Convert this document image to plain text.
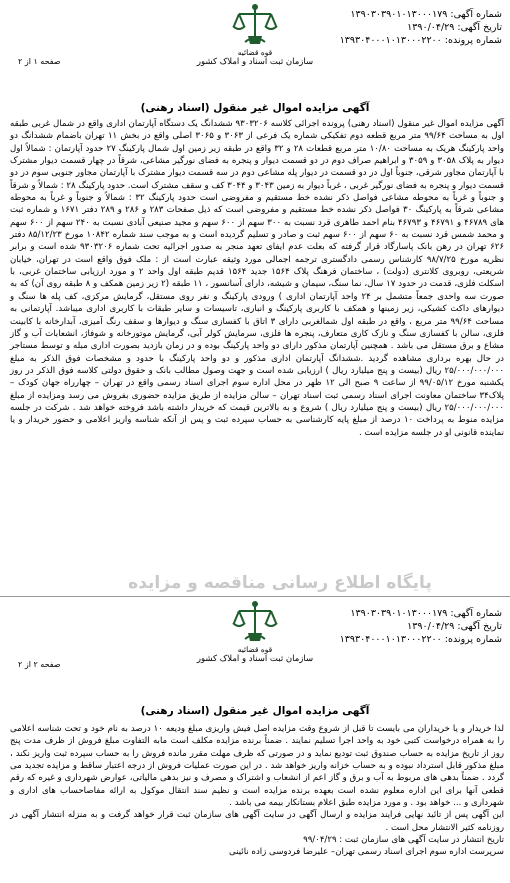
شماره آگهی: ۱۳۹۰۳۰۳۹۰۱۰۱۳۰۰۰۱۷۹
تاریخ آگهی: ۱۳۹۰/۰۴/۲۹
شماره پرونده: ۱۳۹۳۰۴۰۰۰۱۰۱۳۰۰۰۲۲۰۰
قوه قضائیه
سازمان ثبت اسناد و املاک کشور
صفحه ۱ از ۲
آگهی مزایده اموال غیر منقول (اسناد رهنی)
آگهی مزایده اموال غیر منقول (اسناد رهنی) پرونده اجرائی کلاسه ۹۳۰۳۲۰۶ ششدانگ یک دستگاه آپارتمان اداری واقع در شمال غربی طبقه اول به مساحت ۹۹/۶۴ متر مربع قطعه دوم تفکیکی شماره یک فرعی از ۳۰۶۳ و ۳۰۶۵ اصلی واقع در بخش ۱۱ تهران باضمام ششدانگ دو واحد پارکینگ هریک به مساحت ۱۰/۸۰ متر مربع قطعات ۲۸ و ۳۲ واقع در طبقه زیر زمین اول شمال پارکینگ ۲۷ حدود آپارتمان : شمالاً اول دیوار به پلاک ۳۰۵۸ و ۳۰۵۹ و ابراهیم صراف دوم در دو قسمت دیوار و پنجره به فضای نورگیر مشاعی، شرقاً در چهار قسمت دیوار مشترک با آپارتمان مجاور شرقی، جنوباً اول در دو قسمت در دیوار پله مشاعی دوم در سه قسمت دیوار مشترک با آپارتمان مجاور جنوبی سوم در دو قسمت دیوار و پنجره به فضای نورگیر غربی ، غرباً دیوار به زمین ۳۰۴۳ و ۳۰۴۴ کف و سقف مشترک است. حدود پارکینگ ۲۸ : شمالاً و شرقاً و جنوباً و غرباً به محوطه مشاعی فواصل ذکر نشده خط مستقیم و مفروضی است حدود پارکینگ ۳۲ : شمالاً و جنوباً و غرباً به محوطه مشاعی شرقاً به پارکینگ ۳۰ فواصل ذکر نشده خط مستقیم و مفروضی است که ذیل صفحات ۲۸۳ و ۲۸۶ و ۲۸۹ دفتر ۱۶۷۱ و شماره ثبت های ۴۶۷۸۹ و ۴۶۷۹۱ و ۴۶۷۹۳ بنام احمد طاهری قرد نسبت به ۳۰۰ سهم از ۶۰۰ سهم و مجید صنیعی آبادی نسبت به ۲۴۰ سهم از ۶۰۰ سهم و محمد شمس قرد نسبت به ۶۰ سهم از ۶۰۰ سهم ثبت و صادر و تسلیم گردیده است و به موجب سند شماره ۱۰۸۴۲ مورخ ۸۵/۱۲/۲۳ دفتر ۶۲۶ تهران در رهن بانک پاسارگاد قرار گرفته که بعلت عدم ایفای تعهد منجر به صدور اجرائیه تحت شماره ۹۳۰۳۲۰۶ شده است و برابر نظریه مورخ ۹۸/۷/۲۵ کارشناس رسمی دادگستری ترجمه اجمالی مورد وثیقه عبارت است از : ملک فوق واقع است در تهران، خیابان شریعتی، روبروی کلانتری (دولت) ، ساختمان فرهنگ پلاک ۱۵۶۴ جدید ۱۵۶۴ قدیم طبقه اول واحد ۲ و مورد ارزیابی ساختمان غربی، با اسکلت فلزی، قدمت در حدود ۱۷ سال، نما سنگ، سیمان و شیشه، دارای آسانسور ، ۱۱ طبقه (۲ زیر زمین همکف و ۸ طبقه روی آن) که به صورت سه واحدی جمعاً متشمل بر ۲۴ واحد آپارتمان اداری ) ورودی پارکینگ و نفر روی مستقل، گرمایش مرکزی، کف پله ها سنگ و دیوارهای داکت کشیکی، زیر زمینها و همکف با کاربری پارکینگ و انباری، تاسیسات و سایر طبقات با کاربری اداری میباشد. آپارتمانی به مساحت ۹۹/۶۴ متر مربع ، واقع در طبقه اول شمالغربی دارای ۳ اتاق با کفسازی سنگ و دیوارها و سقف رنگ آمیزی، آبدارخانه با کابینت فلزی، سالن با کفسازی سنگ و نازک کاری متعارف، پنجره ها فلزی، سرمایش کولر آبی، گرمایش موتورخانه و شوفاژ، انشعابات آب و گاز مشاع و برق مستقل می باشد . همچنین آپارتمان مذکور دارای دو واحد پارکینگ بوده و در زمان بازدید بصورت اداری مبله و توسط مستاجر در حال بهره برداری مشاهده گردید .ششدانگ آپارتمان اداری مذکور و دو واحد پارکینگ با حدود و مشخصات فوق الذکر به مبلغ ۲۵/۰۰۰/۰۰۰/۰۰۰ ریال (بیست و پنج میلیارد ریال ) ارزیابی شده است و جهت وصول مطالب بانک و حقوق دولتی کلاسه فوق الذکر در روز یکشنبه مورخ ۹۹/۰۵/۱۲ از ساعت ۹ صبح الی ۱۲ ظهر در محل اداره سوم اجرای اسناد رسمی واقع در تهران – چهارراه جهان کودک – پلاک۳۴ ساختمان معاونت اجرای اسناد رسمی ثبت اسناد تهران – سالن مزایده از طریق مزایده حضوری بفروش می رسد ومزایده از مبلغ ۲۵/۰۰۰/۰۰۰/۰۰۰ ریال (بیست و پنج میلیارد ریال ) شروع و به بالاترین قیمت که خریدار داشته باشد فروخته خواهد شد . شرکت در جلسه مزایده منوط به پرداخت ۱۰ درصد از مبلغ پایه کارشناسی به حساب سپرده ثبت و پس از آنکه شناسه واریز اعلامی و حضور خریدار و یا نماینده قانونی او در جلسه مزایده است .
پایگاه اطلاع رسانی مناقصه و مزایده
شماره آگهی: ۱۳۹۰۳۰۳۹۰۱۰۱۳۰۰۰۱۷۹
تاریخ آگهی: ۱۳۹۰/۰۴/۲۹
شماره پرونده: ۱۳۹۳۰۴۰۰۰۱۰۱۳۰۰۰۲۲۰۰
قوه قضائیه
سازمان ثبت اسناد و املاک کشور
صفحه ۲ از ۲
آگهی مزایده اموال غیر منقول (اسناد رهنی)
لذا خریدار و یا خریداران می بایست تا قبل از شروع وقت مزایده اصل فیش واریزی مبلغ ودیعه ۱۰ درصد به نام خود و تحت شناسه اعلامی را به همراه درخواست کتبی خود به واحد اجرا تسلیم نمایند . ضمناً برنده مزایده مکلف است مابه التفاوت مبلغ فروش از ظرف مدت پنج روز از تاریخ مزایده به حساب صندوق ثبت تودیع نماید و در صورتی که ظرف مهلت مقرر مانده فروش را به حساب سپرده ثبت واریز نکند ، مبلغ مذکور قابل استرداد نبوده و به حساب خزانه واریز خواهد شد . در این صورت عملیات فروش از درجه اعتبار ساقط و مزایده تجدید می گردد . ضمناً بدهی های مربوط به آب و برق و گاز اعم از انشعاب و اشتراک و مصرف و نیز بدهی مالیاتی، عوارض شهرداری و غیره که رقم قطعی آنها برای این اداره معلوم نشده است بعهده برنده مزایده است و نظیم سند انتقال موکول به ارائه مفاصاحساب های اداری و شهرداری و ... خواهد بود . و مورد مزایده طبق اعلام بستانکار بیمه می باشد .
این آگهی پس از تائید نهایی فرایند مزایده و ارسال آگهی در سایت آگهی های سازمان ثبت قرار خواهد گرفت و به منزله انتشار آگهی در روزنامه کثیر الانتشار محل است .
تاریخ انتشار در سایت آگهی های سازمان ثبت : ۹۹/۰۴/۲۹
سرپرست اداره سوم اجرای اسناد رسمی تهران– علیرضا فردوسی زاده نائینی
